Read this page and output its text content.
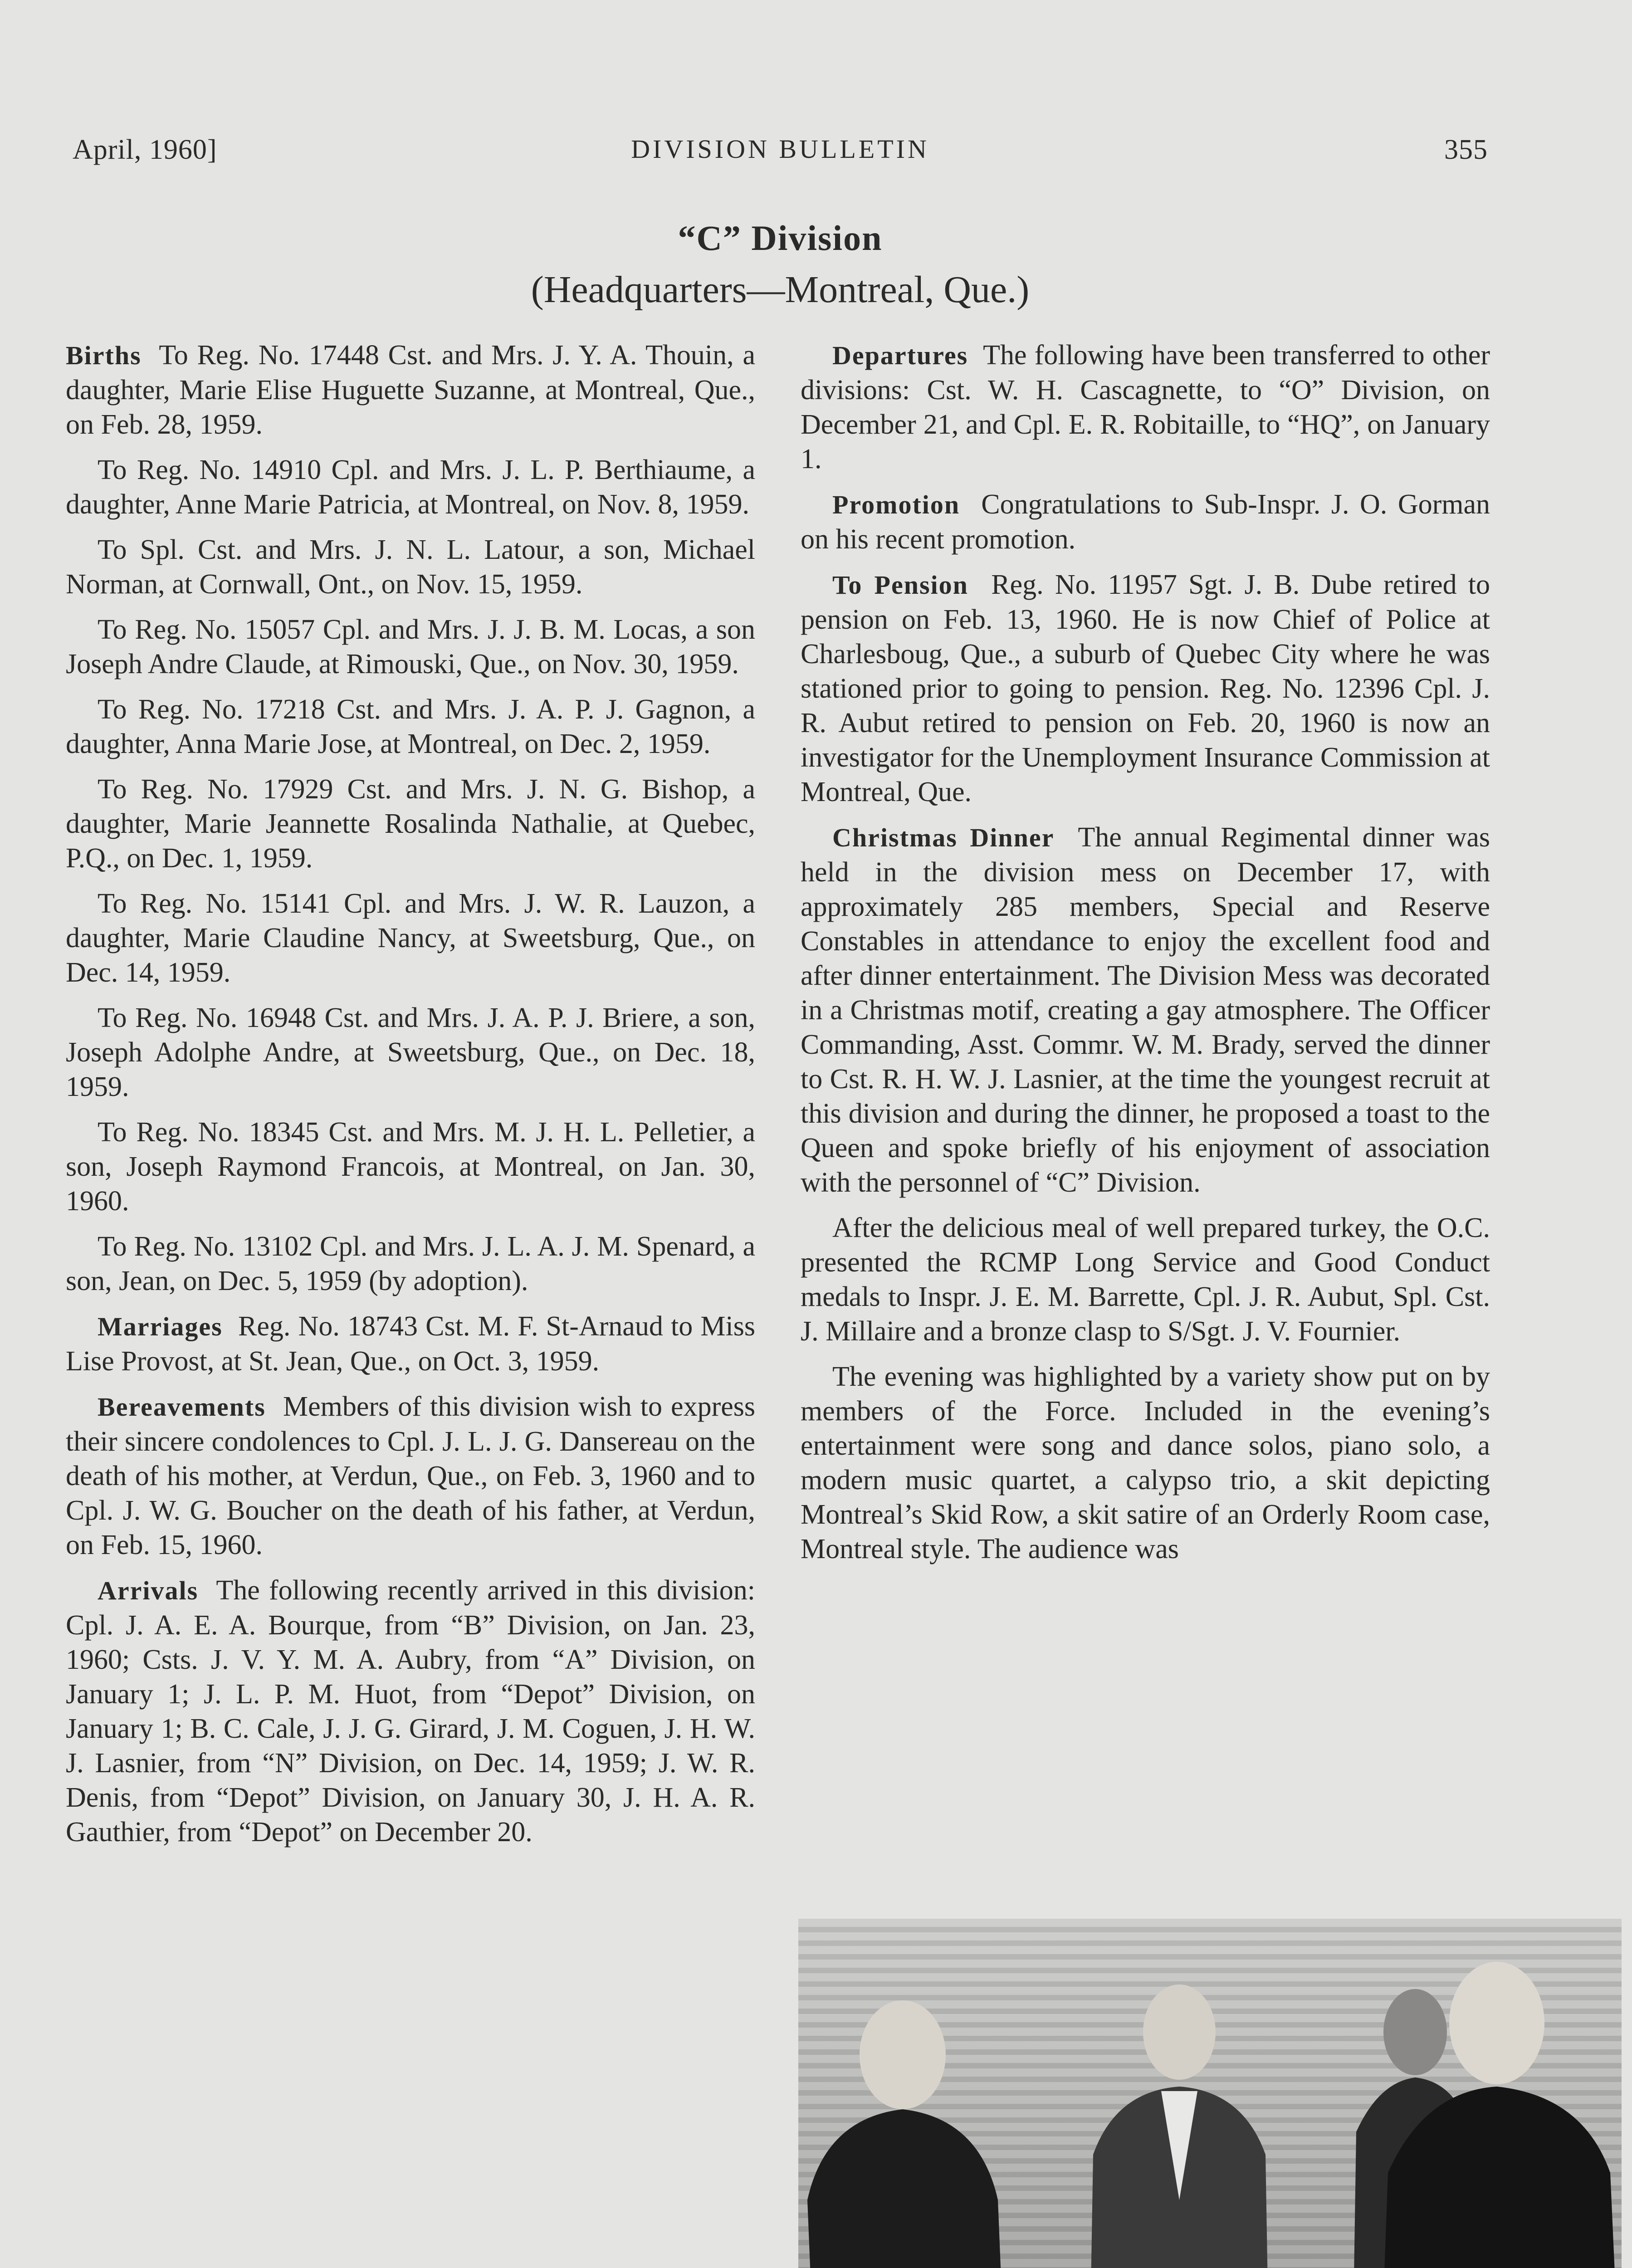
April, 1960]	DIVISION BULLETIN	355
“C” Division
(Headquarters—Montreal, Que.)

Births To Reg. No. 17448 Cst. and Mrs. J. Y. A. Thouin, a daughter, Marie Elise Huguette Suzanne, at Montreal, Que., on Feb. 28, 1959.

To Reg. No. 14910 Cpl. and Mrs. J. L. P. Berthiaume, a daughter, Anne Marie Patricia, at Montreal, on Nov. 8, 1959.

To Spl. Cst. and Mrs. J. N. L. Latour, a son, Michael Norman, at Cornwall, Ont., on Nov. 15, 1959.

To Reg. No. 15057 Cpl. and Mrs. J. J. B. M. Locas, a son Joseph Andre Claude, at Rimouski, Que., on Nov. 30, 1959.

To Reg. No. 17218 Cst. and Mrs. J. A. P. J. Gagnon, a daughter, Anna Marie Jose, at Montreal, on Dec. 2, 1959.

To Reg. No. 17929 Cst. and Mrs. J. N. G. Bishop, a daughter, Marie Jeannette Rosalinda Nathalie, at Quebec, P.Q., on Dec. 1, 1959.

To Reg. No. 15141 Cpl. and Mrs. J. W. R. Lauzon, a daughter, Marie Claudine Nancy, at Sweetsburg, Que., on Dec. 14, 1959.

To Reg. No. 16948 Cst. and Mrs. J. A. P. J. Briere, a son, Joseph Adolphe Andre, at Sweetsburg, Que., on Dec. 18, 1959.

To Reg. No. 18345 Cst. and Mrs. M. J. H. L. Pelletier, a son, Joseph Raymond Francois, at Montreal, on Jan. 30, 1960.

To Reg. No. 13102 Cpl. and Mrs. J. L. A. J. M. Spenard, a son, Jean, on Dec. 5, 1959 (by adoption).

Marriages Reg. No. 18743 Cst. M. F. St-Arnaud to Miss Lise Provost, at St. Jean, Que., on Oct. 3, 1959.

Bereavements Members of this division wish to express their sincere condolences to Cpl. J. L. J. G. Dansereau on the death of his mother, at Verdun, Que., on Feb. 3, 1960 and to Cpl. J. W. G. Boucher on the death of his father, at Verdun, on Feb. 15, 1960.

Arrivals The following recently arrived in this division: Cpl. J. A. E. A. Bourque, from “B” Division, on Jan. 23, 1960; Csts. J. V. Y. M. A. Aubry, from “A” Division, on January 1; J. L. P. M. Huot, from “Depot” Division, on January 1; B. C. Cale, J. J. G. Girard, J. M. Coguen, J. H. W. J. Lasnier, from “N” Division, on Dec. 14, 1959; J. W. R. Denis, from “Depot” Division, on January 30, J. H. A. R. Gauthier, from “Depot” on December 20.

Departures The following have been transferred to other divisions: Cst. W. H. Cascagnette, to “O” Division, on December 21, and Cpl. E. R. Robitaille, to “HQ”, on January 1.

Promotion Congratulations to Sub-Inspr. J. O. Gorman on his recent promotion.

To Pension Reg. No. 11957 Sgt. J. B. Dube retired to pension on Feb. 13, 1960. He is now Chief of Police at Charlesboug, Que., a suburb of Quebec City where he was stationed prior to going to pension. Reg. No. 12396 Cpl. J. R. Aubut retired to pension on Feb. 20, 1960 is now an investigator for the Unemployment Insurance Commission at Montreal, Que.

Christmas Dinner The annual Regimental dinner was held in the division mess on December 17, with approximately 285 members, Special and Reserve Constables in attendance to enjoy the excellent food and after dinner entertainment. The Division Mess was decorated in a Christmas motif, creating a gay atmosphere. The Officer Commanding, Asst. Commr. W. M. Brady, served the dinner to Cst. R. H. W. J. Lasnier, at the time the youngest recruit at this division and during the dinner, he proposed a toast to the Queen and spoke briefly of his enjoyment of association with the personnel of “C” Division.

After the delicious meal of well prepared turkey, the O.C. presented the RCMP Long Service and Good Conduct medals to Inspr. J. E. M. Barrette, Cpl. J. R. Aubut, Spl. Cst. J. Millaire and a bronze clasp to S/Sgt. J. V. Fournier.

The evening was highlighted by a variety show put on by members of the Force. Included in the evening’s entertainment were song and dance solos, piano solo, a modern music quartet, a calypso trio, a skit depicting Montreal’s Skid Row, a skit satire of an Orderly Room case, Montreal style. The audience was
